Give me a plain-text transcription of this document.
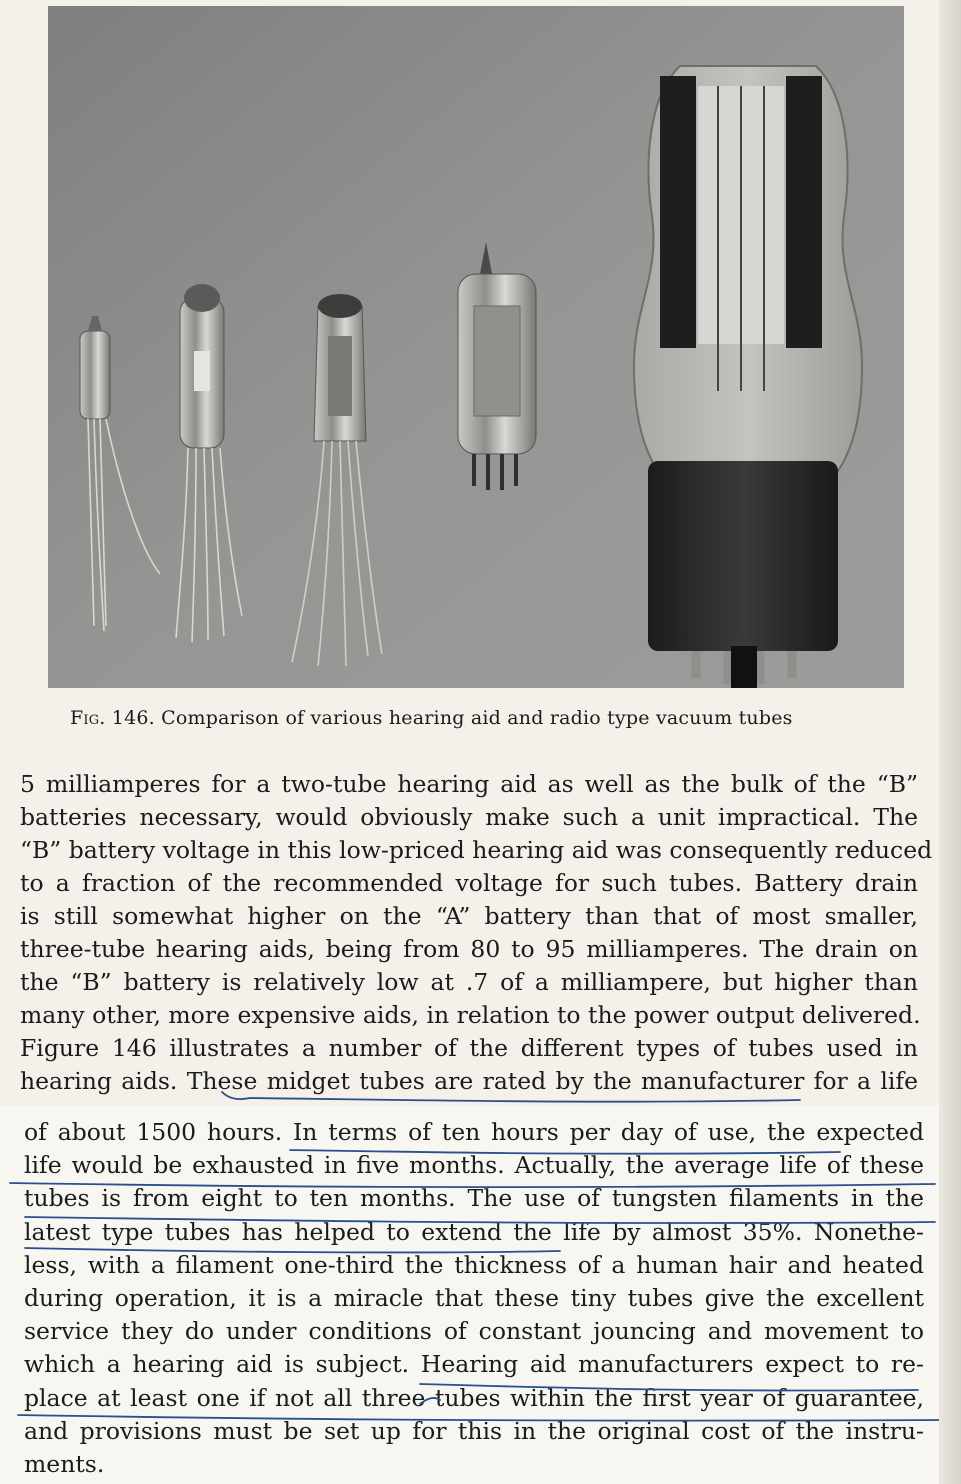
Fig. 146. Comparison of various hearing aid and radio type vacuum tubes
5 milliamperes for a two-tube hearing aid as well as the bulk of the “B”
batteries necessary, would obviously make such a unit impractical. The
“B” battery voltage in this low-priced hearing aid was consequently reduced
to a fraction of the recommended voltage for such tubes. Battery drain
is still somewhat higher on the “A” battery than that of most smaller,
three-tube hearing aids, being from 80 to 95 milliamperes. The drain on
the “B” battery is relatively low at .7 of a milliampere, but higher than
many other, more expensive aids, in relation to the power output delivered.
Figure 146 illustrates a number of the different types of tubes used in
hearing aids. These midget tubes are rated by the manufacturer for a life
of about 1500 hours. In terms of ten hours per day of use, the expected
life would be exhausted in five months. Actually, the average life of these
tubes is from eight to ten months. The use of tungsten filaments in the
latest type tubes has helped to extend the life by almost 35%. Nonethe-
less, with a filament one-third the thickness of a human hair and heated
during operation, it is a miracle that these tiny tubes give the excellent
service they do under conditions of constant jouncing and movement to
which a hearing aid is subject. Hearing aid manufacturers expect to re-
place at least one if not all three tubes within the first year of guarantee,
and provisions must be set up for this in the original cost of the instru-
ments.
